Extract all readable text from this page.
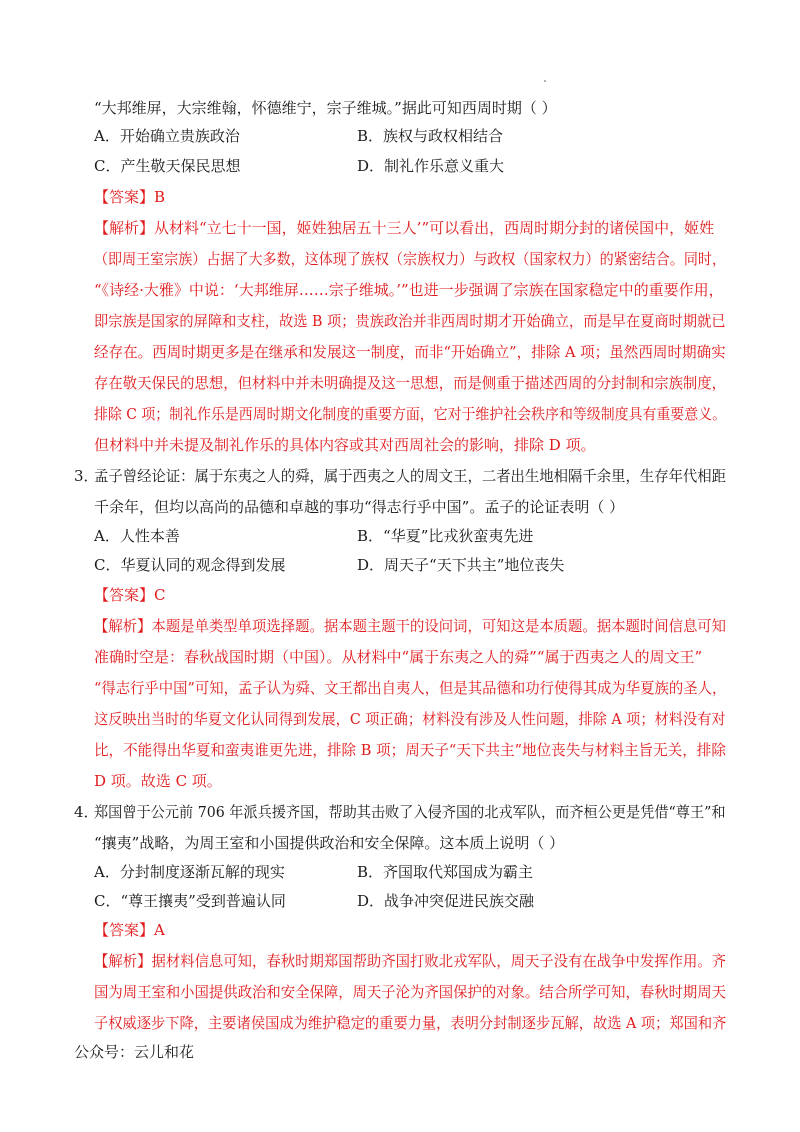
“大邦维屏，大宗维翰，怀德维宁，宗子维城。”据此可知西周时期（ ）
A．开始确立贵族政治	B．族权与政权相结合
C．产生敬天保民思想	D．制礼作乐意义重大
【答案】B
【解析】从材料“立七十一国，姬姓独居五十三人’”可以看出，西周时期分封的诸侯国中，姬姓
（即周王室宗族）占据了大多数，这体现了族权（宗族权力）与政权（国家权力）的紧密结合。同时，
“《诗经·大雅》中说：‘大邦维屏……宗子维城。’”也进一步强调了宗族在国家稳定中的重要作用，
即宗族是国家的屏障和支柱，故选 B 项；贵族政治并非西周时期才开始确立，而是早在夏商时期就已
经存在。西周时期更多是在继承和发展这一制度，而非“开始确立”，排除 A 项；虽然西周时期确实
存在敬天保民的思想，但材料中并未明确提及这一思想，而是侧重于描述西周的分封制和宗族制度，
排除 C 项；制礼作乐是西周时期文化制度的重要方面，它对于维护社会秩序和等级制度具有重要意义。
但材料中并未提及制礼作乐的具体内容或其对西周社会的影响，排除 D 项。
3．
孟子曾经论证：属于东夷之人的舜，属于西夷之人的周文王，二者出生地相隔千余里，生存年代相距
千余年，但均以高尚的品德和卓越的事功“得志行乎中国”。孟子的论证表明（ ）
A．人性本善	B．“华夏”比戎狄蛮夷先进
C．华夏认同的观念得到发展	D．周天子“天下共主”地位丧失
【答案】C
【解析】本题是单类型单项选择题。据本题主题干的设问词，可知这是本质题。据本题时间信息可知
准确时空是：春秋战国时期（中国）。从材料中“属于东夷之人的舜”“属于西夷之人的周文王”
“得志行乎中国”可知，孟子认为舜、文王都出自夷人，但是其品德和功行使得其成为华夏族的圣人，
这反映出当时的华夏文化认同得到发展，C 项正确；材料没有涉及人性问题，排除 A 项；材料没有对
比，不能得出华夏和蛮夷谁更先进，排除 B 项；周天子“天下共主”地位丧失与材料主旨无关，排除
D 项。故选 C 项。
4．
郑国曾于公元前 706 年派兵援齐国，帮助其击败了入侵齐国的北戎军队，而齐桓公更是凭借“尊王”和
“攘夷”战略，为周王室和小国提供政治和安全保障。这本质上说明（ ）
A．分封制度逐渐瓦解的现实	B．齐国取代郑国成为霸主
C．“尊王攘夷”受到普遍认同	D．战争冲突促进民族交融
【答案】A
【解析】据材料信息可知，春秋时期郑国帮助齐国打败北戎军队，周天子没有在战争中发挥作用。齐
国为周王室和小国提供政治和安全保障，周天子沦为齐国保护的对象。结合所学可知，春秋时期周天
子权威逐步下降，主要诸侯国成为维护稳定的重要力量，表明分封制逐步瓦解，故选 A 项；郑国和齐
公众号：云儿和花
